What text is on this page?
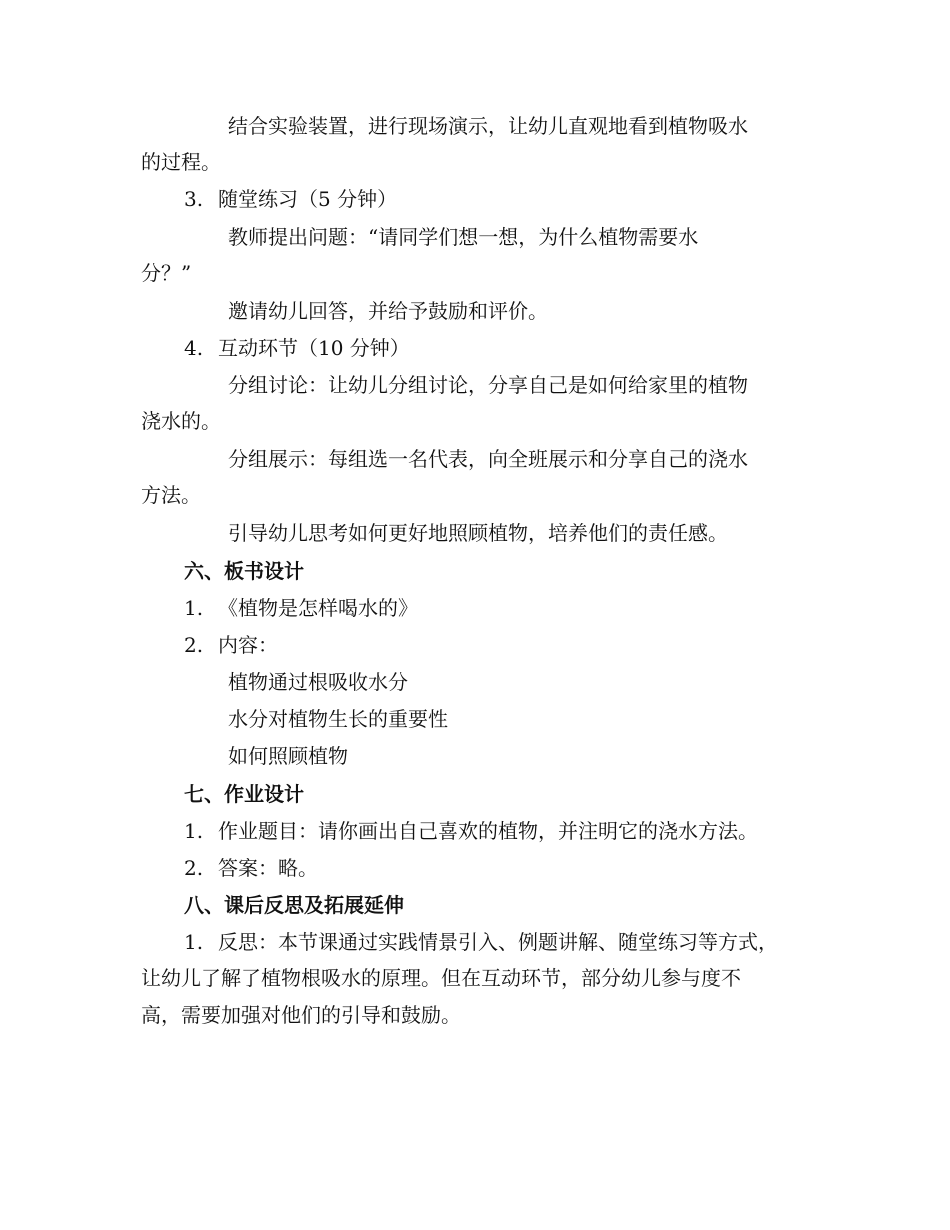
结合实验装置，进行现场演示，让幼儿直观地看到植物吸水
的过程。
3. 随堂练习（5 分钟）
教师提出问题：“请同学们想一想，为什么植物需要水
分？”
邀请幼儿回答，并给予鼓励和评价。
4. 互动环节（10 分钟）
分组讨论：让幼儿分组讨论，分享自己是如何给家里的植物
浇水的。
分组展示：每组选一名代表，向全班展示和分享自己的浇水
方法。
引导幼儿思考如何更好地照顾植物，培养他们的责任感。
六、板书设计
1. 《植物是怎样喝水的》
2. 内容：
植物通过根吸收水分
水分对植物生长的重要性
如何照顾植物
七、作业设计
1. 作业题目：请你画出自己喜欢的植物，并注明它的浇水方法。
2. 答案：略。
八、课后反思及拓展延伸
1. 反思：本节课通过实践情景引入、例题讲解、随堂练习等方式，
让幼儿了解了植物根吸水的原理。但在互动环节，部分幼儿参与度不
高，需要加强对他们的引导和鼓励。
